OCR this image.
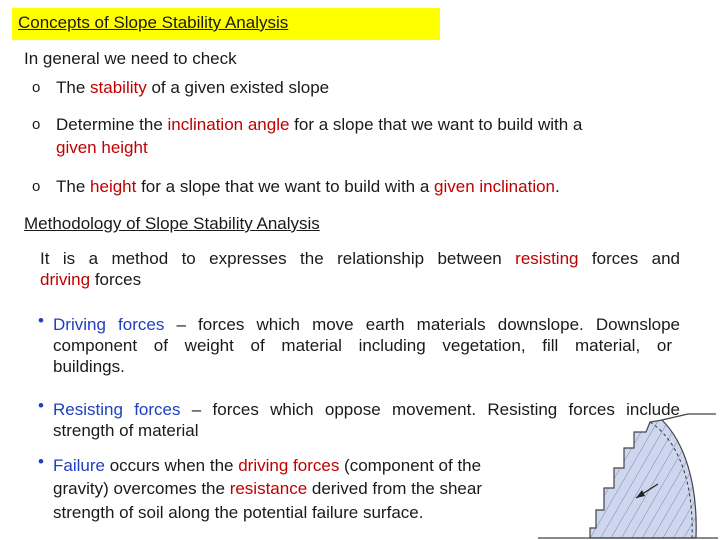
Concepts of Slope Stability Analysis
In general we need to check
o The stability of a given existed slope
o Determine the inclination angle for a slope that we want to build with a
given height
o The height for a slope that we want to build with a given inclination.
Methodology of Slope Stability Analysis
It is a method to expresses the relationship between resisting forces and
driving forces
• Driving forces – forces which move earth materials downslope. Downslope
component of weight of material including vegetation, fill material, or
buildings.
• Resisting forces – forces which oppose movement. Resisting forces include
strength of material
• Failure occurs when the driving forces (component of the
gravity) overcomes the resistance derived from the shear
strength of soil along the potential failure surface.
